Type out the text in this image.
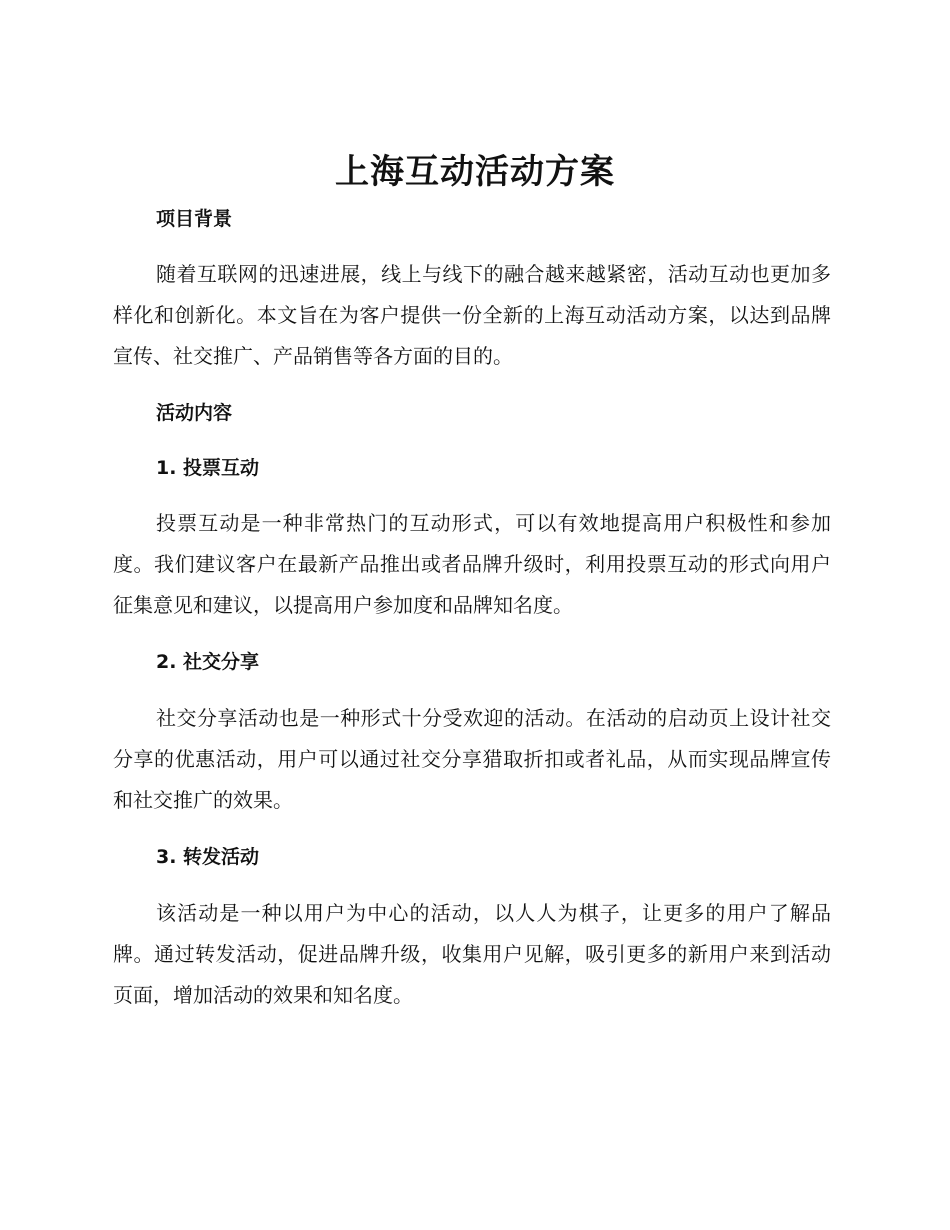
上海互动活动方案
项目背景

随着互联网的迅速进展，线上与线下的融合越来越紧密，活动互动也更加多样化和创新化。本文旨在为客户提供一份全新的上海互动活动方案，以达到品牌宣传、社交推广、产品销售等各方面的目的。

活动内容
1. 投票互动

投票互动是一种非常热门的互动形式，可以有效地提高用户积极性和参加度。我们建议客户在最新产品推出或者品牌升级时，利用投票互动的形式向用户征集意见和建议，以提高用户参加度和品牌知名度。

2. 社交分享

社交分享活动也是一种形式十分受欢迎的活动。在活动的启动页上设计社交分享的优惠活动，用户可以通过社交分享猎取折扣或者礼品，从而实现品牌宣传和社交推广的效果。

3. 转发活动

该活动是一种以用户为中心的活动，以人人为棋子，让更多的用户了解品牌。通过转发活动，促进品牌升级，收集用户见解，吸引更多的新用户来到活动页面，增加活动的效果和知名度。
